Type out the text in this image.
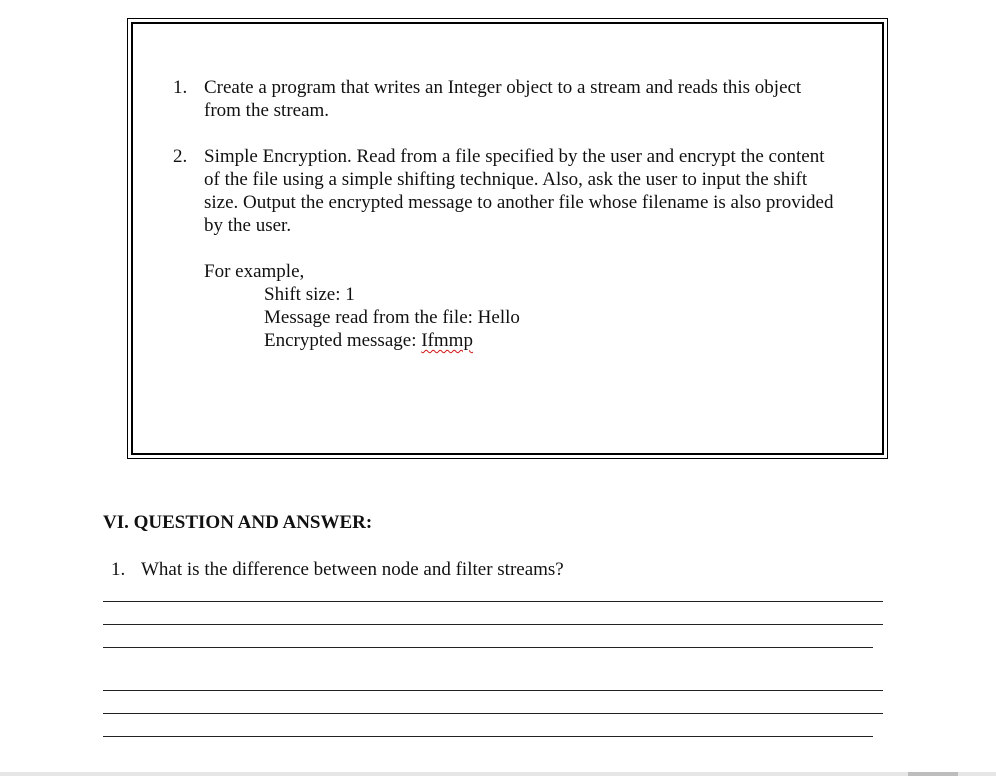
1. Create a program that writes an Integer object to a stream and reads this object
from the stream.
2. Simple Encryption. Read from a file specified by the user and encrypt the content
of the file using a simple shifting technique. Also, ask the user to input the shift
size. Output the encrypted message to another file whose filename is also provided
by the user.
For example,
Shift size: 1
Message read from the file: Hello
Encrypted message: Ifmmp
VI. QUESTION AND ANSWER:
1. What is the difference between node and filter streams?
